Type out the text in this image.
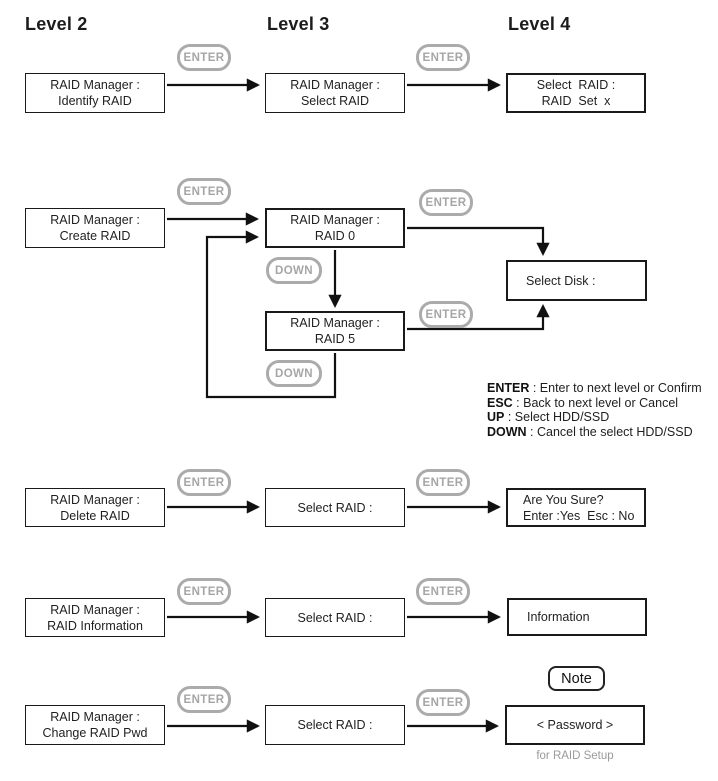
Level 2	Level 3	Level 4
ENTER	ENTER
RAID Manager :
Identify RAID
RAID Manager :
Select RAID
Select  RAID :
RAID  Set  x
ENTER
RAID Manager :
Create RAID
RAID Manager :
RAID 0
DOWN
RAID Manager :
RAID 5
DOWN
ENTER
ENTER
Select Disk :
ENTER : Enter to next level or Confirm
ESC : Back to next level or Cancel
UP : Select HDD/SSD
DOWN : Cancel the select HDD/SSD
ENTER	ENTER
RAID Manager :
Delete RAID
Select RAID :
Are You Sure?
Enter :Yes  Esc : No
ENTER	ENTER
RAID Manager :
RAID Information
Select RAID :	Information
Note
ENTER	ENTER
RAID Manager :
Change RAID Pwd
Select RAID :	< Password >
for RAID Setup
